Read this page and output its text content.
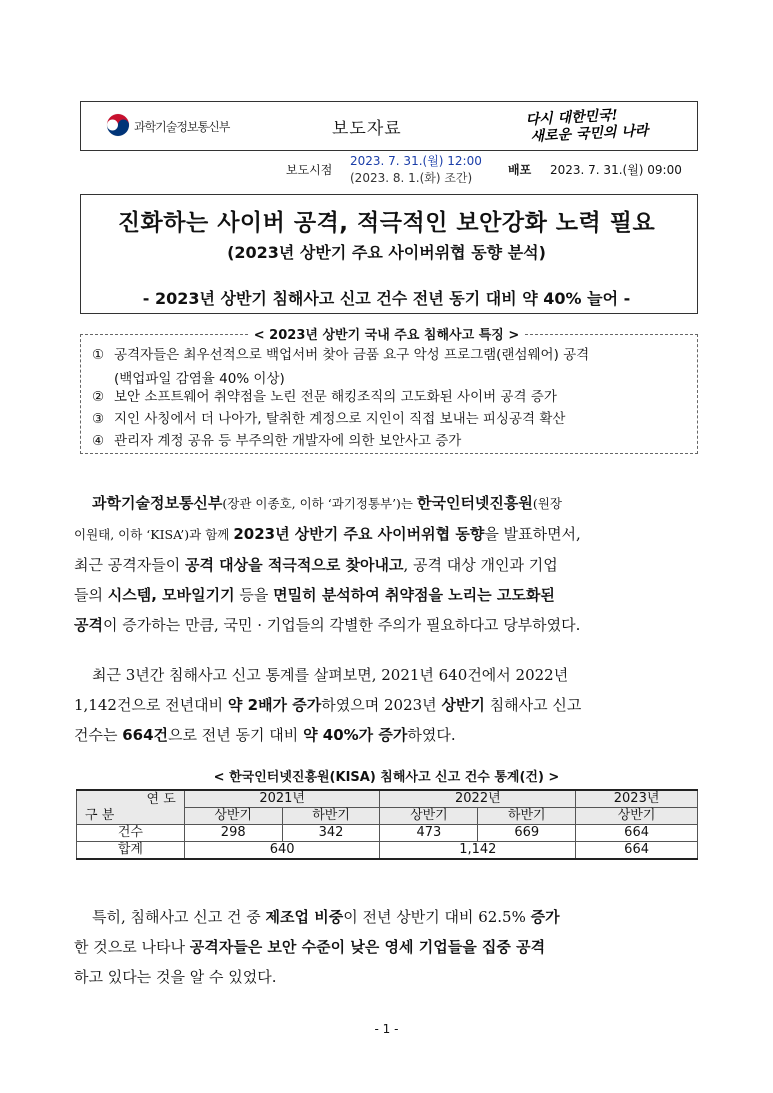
과학기술정보통신부	보도자료
다시 대한민국!
새로운 국민의 나라
보도시점
2023. 7. 31.(월) 12:00
(2023. 8. 1.(화) 조간)
배포 2023. 7. 31.(월) 09:00
진화하는 사이버 공격, 적극적인 보안강화 노력 필요
(2023년 상반기 주요 사이버위협 동향 분석)
- 2023년 상반기 침해사고 신고 건수 전년 동기 대비 약 40% 늘어 -
< 2023년 상반기 국내 주요 침해사고 특징 >
① 공격자들은 최우선적으로 백업서버 찾아 금품 요구 악성 프로그램(랜섬웨어) 공격
(백업파일 감염율 40% 이상)
② 보안 소프트웨어 취약점을 노린 전문 해킹조직의 고도화된 사이버 공격 증가
③ 지인 사칭에서 더 나아가, 탈취한 계정으로 지인이 직접 보내는 피싱공격 확산
④ 관리자 계정 공유 등 부주의한 개발자에 의한 보안사고 증가
과학기술정보통신부(장관 이종호, 이하 ‘과기정통부’)는 한국인터넷진흥원(원장
이원태, 이하 ‘KISA’)과 함께 2023년 상반기 주요 사이버위협 동향을 발표하면서,
최근 공격자들이 공격 대상을 적극적으로 찾아내고, 공격 대상 개인과 기업
들의 시스템, 모바일기기 등을 면밀히 분석하여 취약점을 노리는 고도화된
공격이 증가하는 만큼, 국민 · 기업들의 각별한 주의가 필요하다고 당부하였다.
최근 3년간 침해사고 신고 통계를 살펴보면, 2021년 640건에서 2022년
1,142건으로 전년대비 약 2배가 증가하였으며 2023년 상반기 침해사고 신고
건수는 664건으로 전년 동기 대비 약 40%가 증가하였다.
< 한국인터넷진흥원(KISA) 침해사고 신고 건수 통계(건) >
연 도
구 분	2021년		2022년		2023년
	상반기	하반기	상반기	하반기	상반기
건수	298	342	473	669	664
합계	640		1,142		664
특히, 침해사고 신고 건 중 제조업 비중이 전년 상반기 대비 62.5% 증가
한 것으로 나타나 공격자들은 보안 수준이 낮은 영세 기업들을 집중 공격
하고 있다는 것을 알 수 있었다.
- 1 -
